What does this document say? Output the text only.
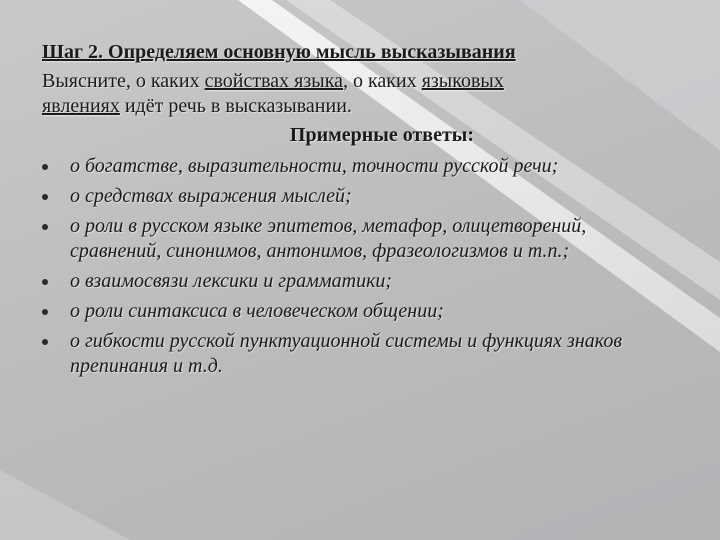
Шаг 2. Определяем основную мысль высказывания
Выясните, о каких свойствах языка, о каких языковых
явлениях идёт речь в высказывании.
Примерные ответы:
о богатстве, выразительности, точности русской речи;
о средствах выражения мыслей;
о роли в русском языке эпитетов, метафор, олицетворений, сравнений, синонимов, антонимов, фразеологизмов и т.п.;
о взаимосвязи лексики и грамматики;
о роли синтаксиса в человеческом общении;
о гибкости русской пунктуационной системы и функциях знаков препинания и т.д.
